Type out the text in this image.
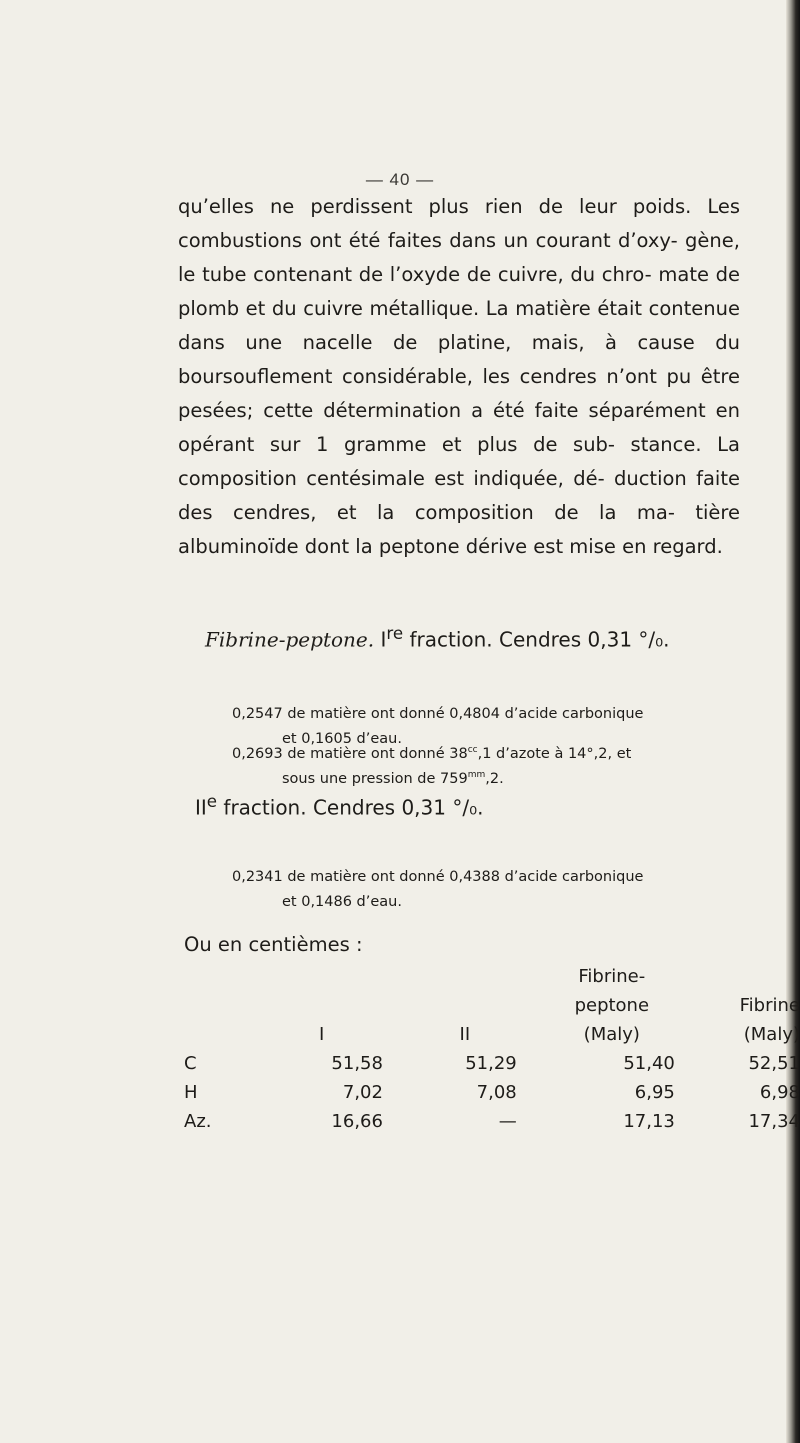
— 40 —
qu’elles ne perdissent plus rien de leur poids. Les combustions ont été faites dans un courant d’oxy- gène, le tube contenant de l’oxyde de cuivre, du chro- mate de plomb et du cuivre métallique. La matière était contenue dans une nacelle de platine, mais, à cause du boursouflement considérable, les cendres n’ont pu être pesées; cette détermination a été faite séparément en opérant sur 1 gramme et plus de sub- stance. La composition centésimale est indiquée, dé- duction faite des cendres, et la composition de la ma- tière albuminoïde dont la peptone dérive est mise en regard.
Fibrine-peptone. Ire fraction. Cendres 0,31 °/₀.
0,2547 de matière ont donné 0,4804 d’acide carbonique
et 0,1605 d’eau.
0,2693 de matière ont donné $38^{cc},1$ d’azote à 14°,2, et
sous une pression de $759^{mm},2$.
IIe fraction. Cendres 0,31 °/₀.
0,2341 de matière ont donné 0,4388 d’acide carbonique
et 0,1486 d’eau.
Ou en centièmes :
			Fibrine-	
			peptone	Fibrine
	I	II	(Maly)	(Maly)
C	51,58	51,29	51,40	52,51
H	7,02	7,08	6,95	6,98
Az.	16,66	—	17,13	17,34
